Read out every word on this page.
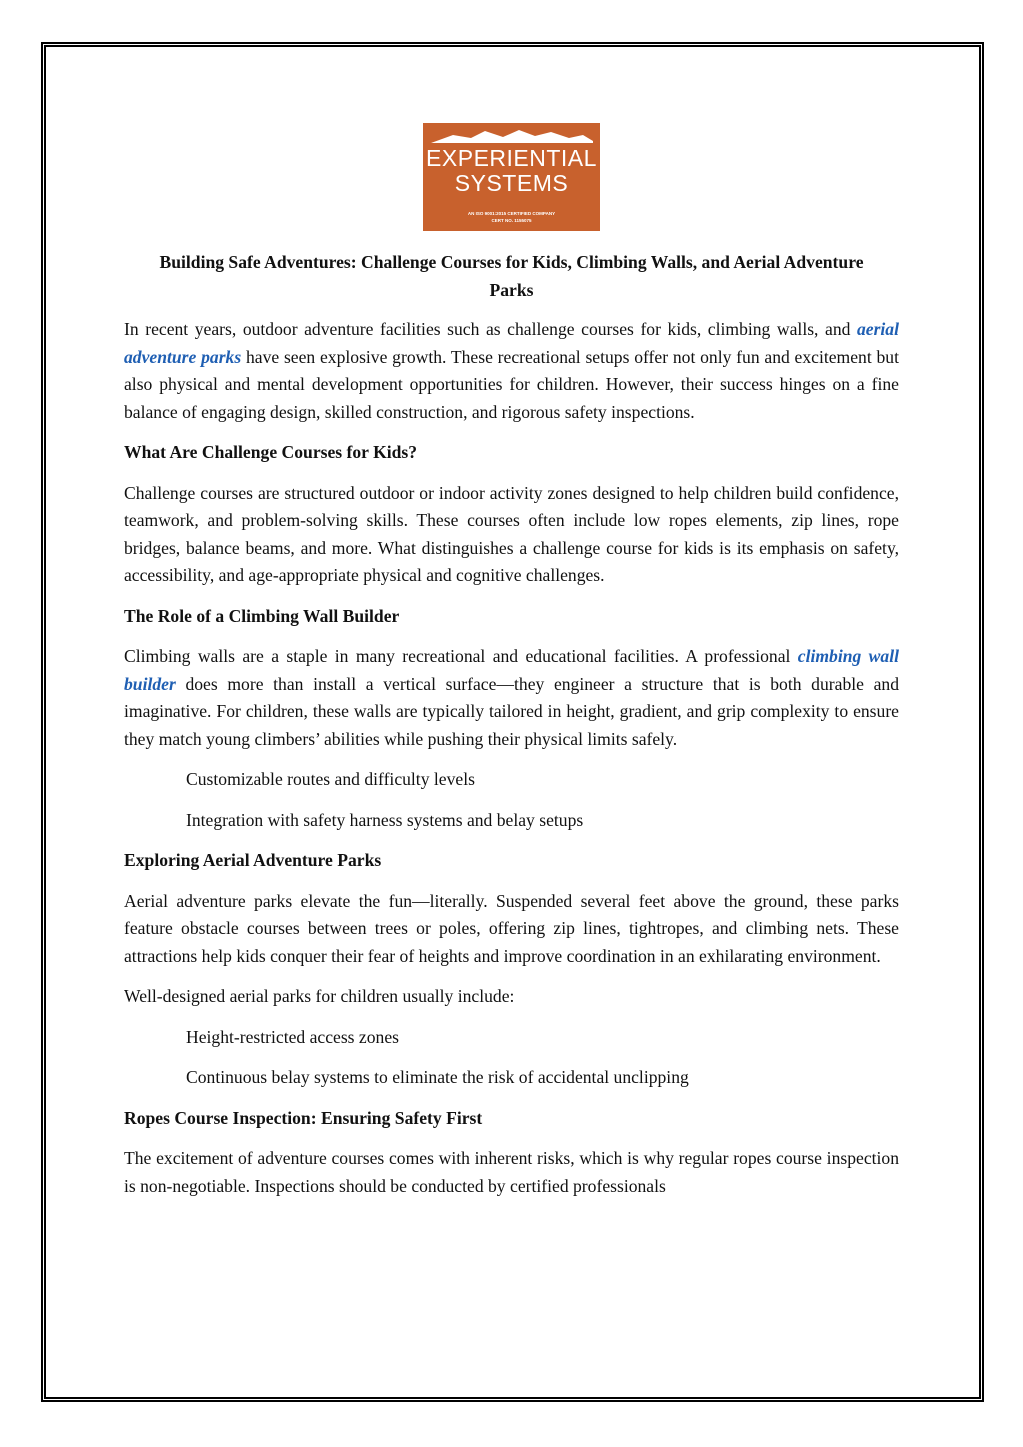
EXPERIENTIAL
SYSTEMS
AN ISO 9001:2015 CERTIFIED COMPANY
CERT NO. 1155075
Building Safe Adventures: Challenge Courses for Kids, Climbing Walls, and Aerial Adventure Parks

In recent years, outdoor adventure facilities such as challenge courses for kids, climbing walls, and aerial adventure parks have seen explosive growth. These recreational setups offer not only fun and excitement but also physical and mental development opportunities for children. However, their success hinges on a fine balance of engaging design, skilled construction, and rigorous safety inspections.

What Are Challenge Courses for Kids?

Challenge courses are structured outdoor or indoor activity zones designed to help children build confidence, teamwork, and problem-solving skills. These courses often include low ropes elements, zip lines, rope bridges, balance beams, and more. What distinguishes a challenge course for kids is its emphasis on safety, accessibility, and age-appropriate physical and cognitive challenges.

The Role of a Climbing Wall Builder

Climbing walls are a staple in many recreational and educational facilities. A professional climbing wall builder does more than install a vertical surface—they engineer a structure that is both durable and imaginative. For children, these walls are typically tailored in height, gradient, and grip complexity to ensure they match young climbers’ abilities while pushing their physical limits safely.

Customizable routes and difficulty levels
Integration with safety harness systems and belay setups
Exploring Aerial Adventure Parks

Aerial adventure parks elevate the fun—literally. Suspended several feet above the ground, these parks feature obstacle courses between trees or poles, offering zip lines, tightropes, and climbing nets. These attractions help kids conquer their fear of heights and improve coordination in an exhilarating environment.

Well-designed aerial parks for children usually include:

Height-restricted access zones
Continuous belay systems to eliminate the risk of accidental unclipping
Ropes Course Inspection: Ensuring Safety First

The excitement of adventure courses comes with inherent risks, which is why regular ropes course inspection is non-negotiable. Inspections should be conducted by certified professionals
